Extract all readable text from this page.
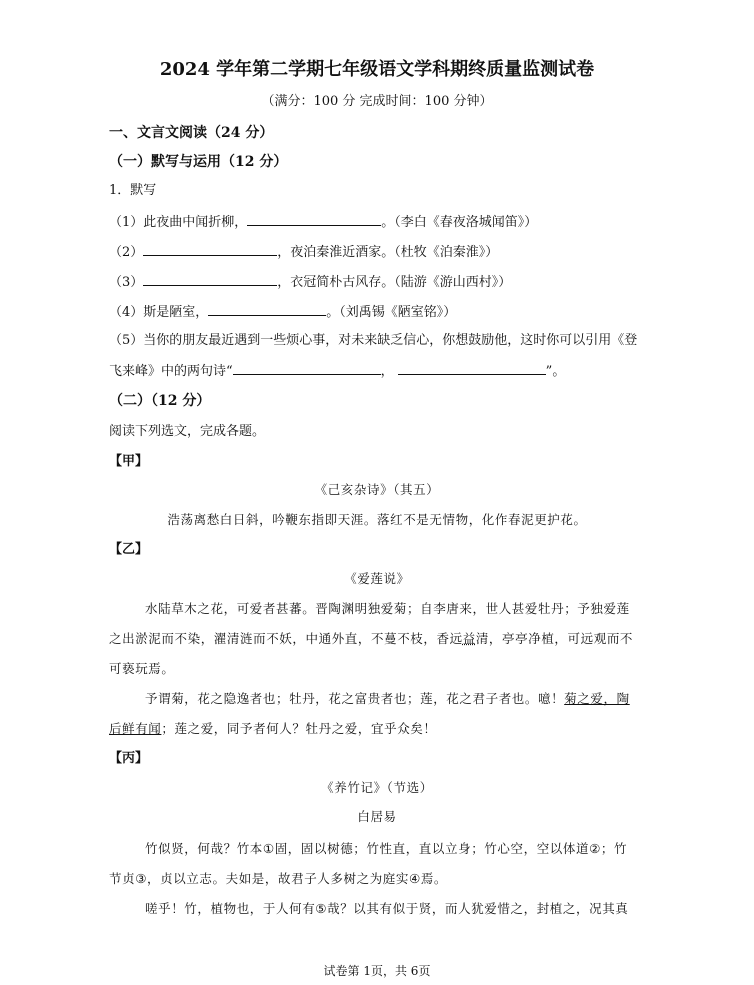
2024 学年第二学期七年级语文学科期终质量监测试卷
（满分：100 分 完成时间：100 分钟）
一、文言文阅读（24 分）
（一）默写与运用（12 分）
1．默写
（1）此夜曲中闻折柳，	。（李白《春夜洛城闻笛》）
（2）	，夜泊秦淮近酒家。（杜牧《泊秦淮》）
（3）	，衣冠简朴古风存。（陆游《游山西村》）
（4）斯是陋室，	。（刘禹锡《陋室铭》）
（5）当你的朋友最近遇到一些烦心事，对未来缺乏信心，你想鼓励他，这时你可以引用《登
飞来峰》中的两句诗“	，	”。
（二）（12 分）
阅读下列选文，完成各题。
【甲】
《己亥杂诗》（其五）
浩荡离愁白日斜，吟鞭东指即天涯。落红不是无情物，化作春泥更护花。
【乙】
《爱莲说》
水陆草木之花，可爱者甚蕃。晋陶渊明独爱菊；自李唐来，世人甚爱牡丹；予独爱莲
之出淤泥而不染，濯清涟而不妖，中通外直，不蔓不枝，香远益清，亭亭净植，可远观而不
可亵玩焉。
予谓菊，花之隐逸者也；牡丹，花之富贵者也；莲，花之君子者也。噫！菊之爱，陶
后鲜有闻；莲之爱，同予者何人？牡丹之爱，宜乎众矣！
【丙】
《养竹记》（节选）
白居易
竹似贤，何哉？竹本①固，固以树德；竹性直，直以立身；竹心空，空以体道②；竹
节贞③，贞以立志。夫如是，故君子人多树之为庭实④焉。
嗟乎！竹，植物也，于人何有⑤哉？以其有似于贤，而人犹爱惜之，封植之，况其真
试卷第 1页，共 6页
